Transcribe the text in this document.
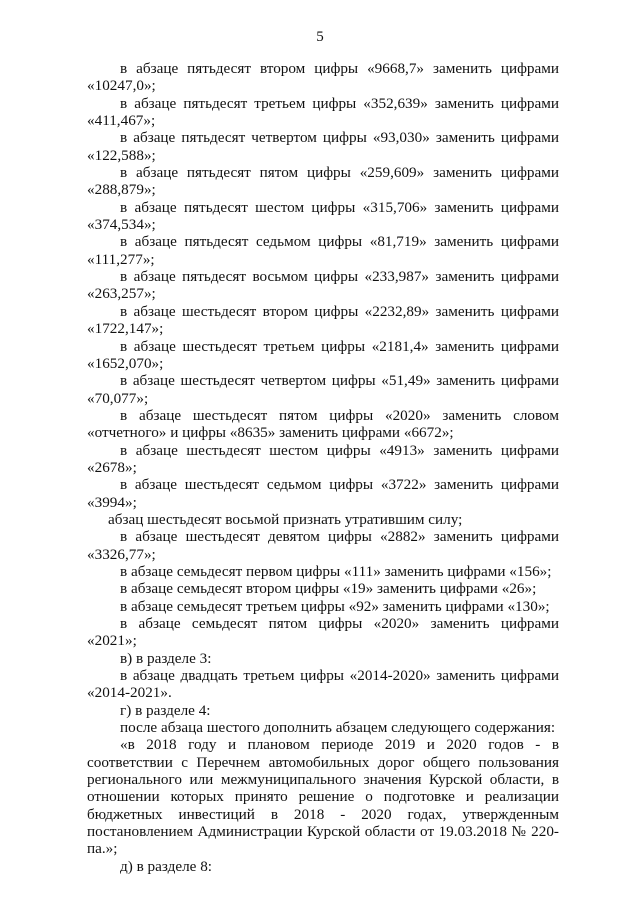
5

в абзаце пятьдесят втором цифры «9668,7» заменить цифрами «10247,0»;

в абзаце пятьдесят третьем цифры «352,639» заменить цифрами «411,467»;

в абзаце пятьдесят четвертом цифры «93,030» заменить цифрами «122,588»;

в абзаце пятьдесят пятом цифры «259,609» заменить цифрами «288,879»;

в абзаце пятьдесят шестом цифры «315,706» заменить цифрами «374,534»;

в абзаце пятьдесят седьмом цифры «81,719» заменить цифрами «111,277»;

в абзаце пятьдесят восьмом цифры «233,987» заменить цифрами «263,257»;

в абзаце шестьдесят втором цифры «2232,89» заменить цифрами «1722,147»;

в абзаце шестьдесят третьем цифры «2181,4» заменить цифрами «1652,070»;

в абзаце шестьдесят четвертом цифры «51,49» заменить цифрами «70,077»;

в абзаце шестьдесят пятом цифры «2020» заменить словом «отчетного» и цифры «8635» заменить цифрами «6672»;

в абзаце шестьдесят шестом цифры «4913» заменить цифрами «2678»;

в абзаце шестьдесят седьмом цифры «3722» заменить цифрами «3994»;

абзац шестьдесят восьмой признать утратившим силу;

в абзаце шестьдесят девятом цифры «2882» заменить цифрами «3326,77»;

в абзаце семьдесят первом цифры «111» заменить цифрами «156»;

в абзаце семьдесят втором цифры «19» заменить цифрами «26»;

в абзаце семьдесят третьем цифры «92» заменить цифрами «130»;

в абзаце семьдесят пятом цифры «2020» заменить цифрами «2021»;

в) в разделе 3:

в абзаце двадцать третьем цифры «2014-2020» заменить цифрами «2014-2021».

г) в разделе 4:

после абзаца шестого дополнить абзацем следующего содержания:

«в 2018 году и плановом периоде 2019 и 2020 годов - в соответствии с Перечнем автомобильных дорог общего пользования регионального или межмуниципального значения Курской области, в отношении которых принято решение о подготовке и реализации бюджетных инвестиций в 2018 - 2020 годах, утвержденным постановлением Администрации Курской области от 19.03.2018 № 220-па.»;

д) в разделе 8:
